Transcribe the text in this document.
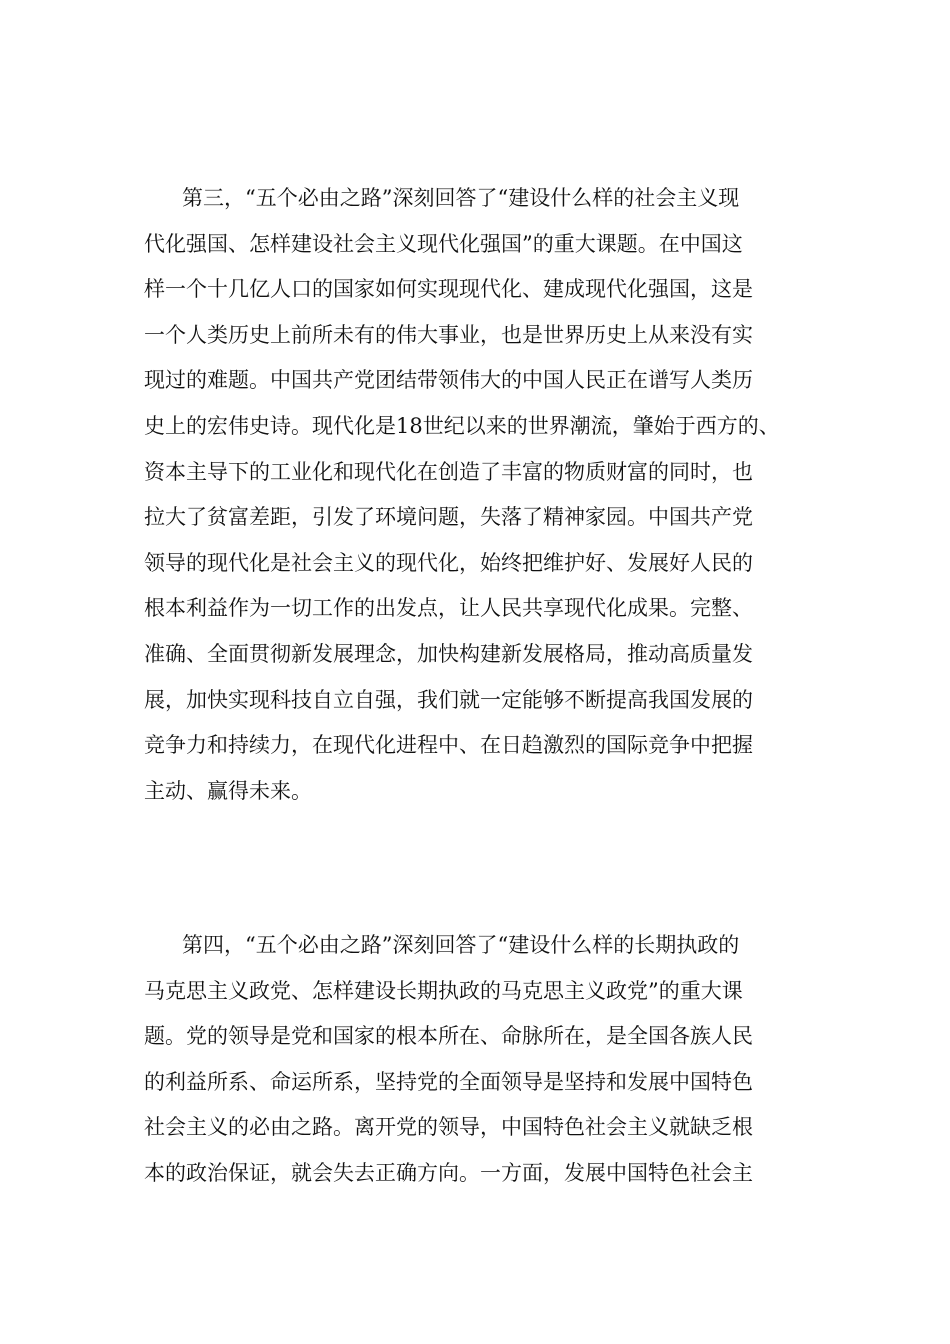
第三，“五个必由之路”深刻回答了“建设什么样的社会主义现
代化强国、怎样建设社会主义现代化强国”的重大课题。在中国这
样一个十几亿人口的国家如何实现现代化、建成现代化强国，这是
一个人类历史上前所未有的伟大事业，也是世界历史上从来没有实
现过的难题。中国共产党团结带领伟大的中国人民正在谱写人类历
史上的宏伟史诗。现代化是18世纪以来的世界潮流，肇始于西方的、
资本主导下的工业化和现代化在创造了丰富的物质财富的同时，也
拉大了贫富差距，引发了环境问题，失落了精神家园。中国共产党
领导的现代化是社会主义的现代化，始终把维护好、发展好人民的
根本利益作为一切工作的出发点，让人民共享现代化成果。完整、
准确、全面贯彻新发展理念，加快构建新发展格局，推动高质量发
展，加快实现科技自立自强，我们就一定能够不断提高我国发展的
竞争力和持续力，在现代化进程中、在日趋激烈的国际竞争中把握
主动、赢得未来。
第四，“五个必由之路”深刻回答了“建设什么样的长期执政的
马克思主义政党、怎样建设长期执政的马克思主义政党”的重大课
题。党的领导是党和国家的根本所在、命脉所在，是全国各族人民
的利益所系、命运所系，坚持党的全面领导是坚持和发展中国特色
社会主义的必由之路。离开党的领导，中国特色社会主义就缺乏根
本的政治保证，就会失去正确方向。一方面，发展中国特色社会主
